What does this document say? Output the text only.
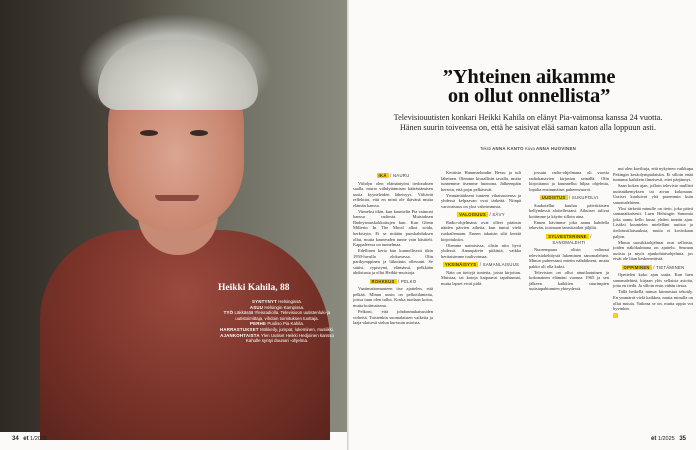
Heikki Kahila, 88
SYNTYNYT Helsingissä.
ASUU Helsingin Kampissa.
TYÖ Läkkäsää Yleisradiolla. Televisioon uutistenluki-ja uutistoimittaja, vihdoin toimituksen tuottaja.
PERHE Puoliso Pia Kahila.
HARRASTUKSET Mökkeily, jumpat, lukeminen, musiikki.
AJANKOHTAISTA Ylen Uutiset Heikki Hedjoinen kanssa Kahulle syntyi duunari -ohjelma.
34 et 1/2025
”Yhteinen aikamme
on ollut onnellista”

Televisiouutisten konkari Heikki Kahila on elänyt Pia-vaimonsa kanssa 24 vuotta. Hänen suurin toiveensa on, että he saisivat elää saman katon alla loppuun asti.

Teksti ANNA KANTO Kuva ANNA HUOVINEN

IKÄ / NAURU

Viihdyn olen elämäntyöni tiedotuksen saalla, murto viihdyttämisen käärästämisen uusia kyyneleiden läheisyys. Viiltävät reflektiot, että en minä ole ikävänä mutta elämän kanssa.

Viimeksi itkin, kun kuuntelin Pia vaimoni kanssa radiosta. Muistaksen Budeysmuskokkoitujen kun. Kun Glenn Millerin In The Mood alkoi soida, herkistyin. Ei se mitään puoskahduksen ollut, mutta kauneuden tunne vain käsitteli. Kappaleessa on tunnelmaa.

Edellinen kerta kun kunnollisesti itkin 1950-luvulla elokuvassa. Olin parikymppinen ja liikuttuin ollessani. Se satiisi, rypistynä, elämässä, pelkkään ahdistusta ja ollut Heikki-muistoja.

ROHKEUS / PELKO

Vaatimattomuuteen itse ajattelen, että pelkää. Minun uusin on pelkotilanteita, joissa tuun olen tullut. Koska tuodaan kotoa, mutta kotimaisena.

Pelkoni, että johdonmukaisuuden virheitä. Toistenkin suomalaisten vaikeita ja laaja-alaisesti sielun kurssuin asioista.

Kesäisin Hammarlundin Hessu ja tuli läheinen. Olemme kiusallisin tavalla, mutta tunnemme itsemme huonona. Jälkeenpäin kerroin, että pojat pelkäsivät.

Ymmärtääkseni tunteen vihaisuutensa ja yhdessä kelpaavan ovat tärkeää. Niinpä varovaisuus on yksi vahvimmista.

VALOISUUS / SÄVY

Radio-ohjelmana ovat olleet pääosin näiden päivien aiheita, kun tuntui vielä ruokailemaan. Ennen takaisin silti kenttä kirjoituksiin.

Olemme naimisissa, olisin niin hyvä yhdessä. Aamupäivin pitkästä, vaikka herttaisimme tuulivoimaa.

YKSINÄISYYS / SAMANLAISUUS

Näin on tiettyjä tunteita, joista kirjoitan. Muistaa, tai kutoja kaipaavat tapahtumat, mutta lapset eivät pidä.

jossain radio-ohjelmana oli vuosia radiokanavien kirjaston seinällä. Olin kirjoittanut ja kuunnellut hiljaa ohjelmia, lopulta ensimmäiset puheenvuorot.

UUDISTUS / SUKUPOLVI

Suukotellut kuuluu päivittäisten kellyndessä aloitellessani. Aikuiset tulivat kotiimme ja käytin silloin aina.

Ennen kävimme joka aamu kahdella tekevän, toisinaan tanssitaidon jäljiltä.

SYLVESTERINNE / SANOMALEHTI

Nuorempana olisin valinnut televisiokehitystä lukeminen sanomalehteä. Minun puheessani mietin nähdäkseni, mutta pakko oli olla kaksi.

Television on ollut ainutlaatuinen ja kokonainen elämäni vuonna 1965 ja sen jälkeen kaikkien suurimpien uutistapahtumien yhteydessä.

nut olen kaviltuja, että nykyinen vaikkupa Pekingin kesäolympialaisiin. Ei silloin enää tuntunut kaikkein ilmeisesti, ettei pärjännyt.

Saan kokea ajan, jolloin televisio mullisti uutisnäkemyksen tai aivan kokonaan. Uutiset kuuluivat yhä paremmin kuin sanomalehteen.

Yksi tärkeää minulle on tieto, joka päivä samanaikaisesti. Luen Helsingin Sanomia joka aamu kello kuusi yhden tunnin ajan. Lisäksi kuuntelen mielelläni uutisia ja tiedotustilaisuuksia, mutta ei kovinkaan paljon.

Minun suosikkiohjelmat ovat sellaisia, joiden näkökulmana on ajattelu. Seuraan uutisia ja myös ajankohtaisohjelmia, jos eivät ole liian keskeneräisiä.

OPPIMINEN / TIETÄMINEN

Opettelen koko ajan uutta. Kun luen sanomalehteä, kirjaan ylös sellaisia asioita, joita en tiedä. Ja silloin etsin vähän tietoa.

Tällä hetkellä minua kiinnostaa tekoäly. En ymmärrä vielä kaikkea, mutta minulla on ollut muuta. Vaikeaa se on, mutta oppia voi hyvinkin.

et 1/2025 35
